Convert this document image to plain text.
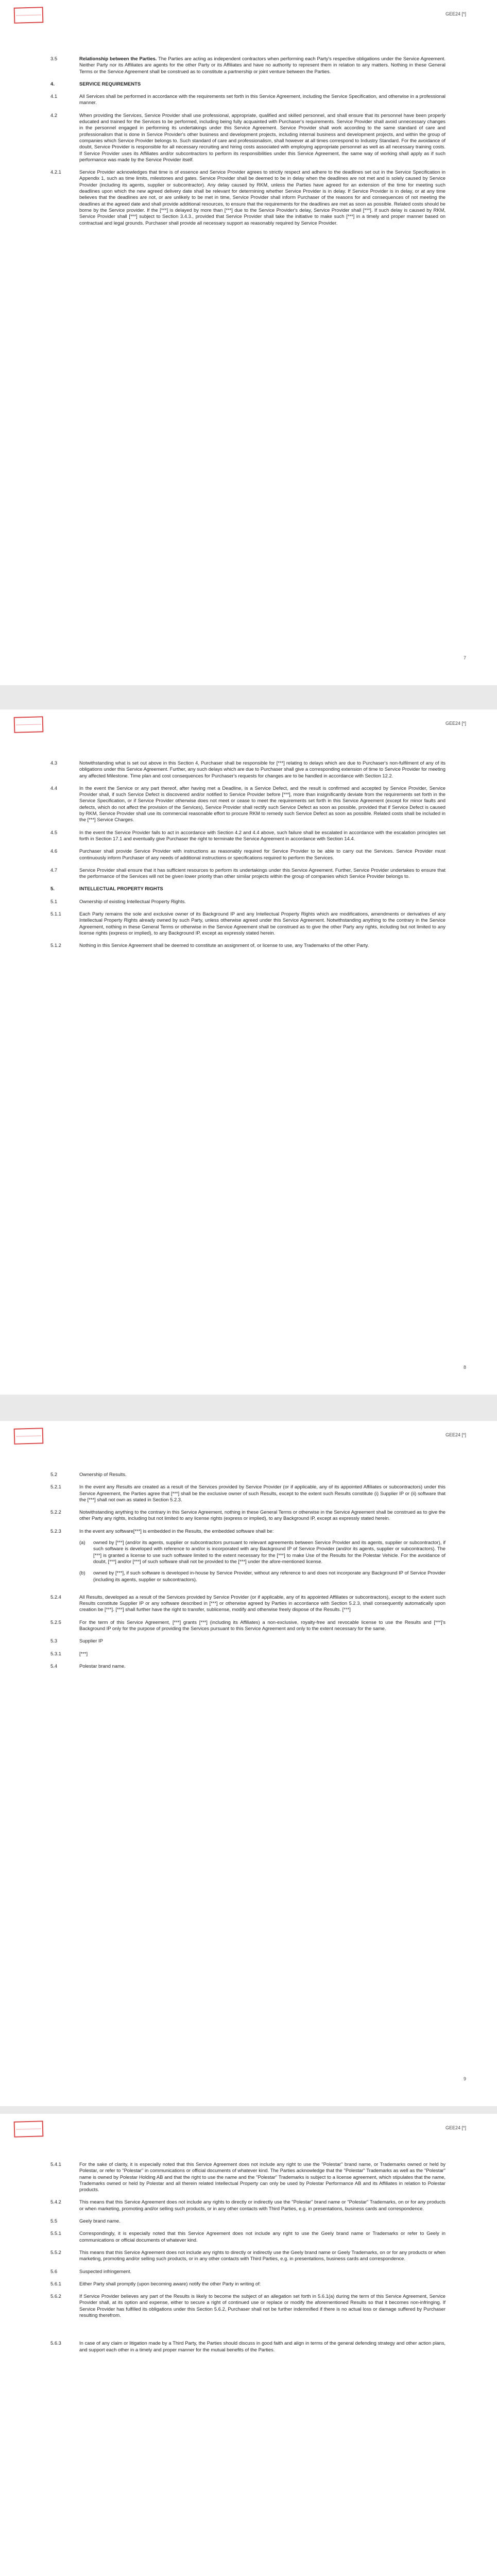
GEE24 [*]
3.5	Relationship between the Parties. The Parties are acting as independent contractors when performing each Party's respective obligations under the Service Agreement. Neither Party nor its Affiliates are agents for the other Party or its Affiliates and have no authority to represent them in relation to any matters. Nothing in these General Terms or the Service Agreement shall be construed as to constitute a partnership or joint venture between the Parties.
4.	SERVICE REQUIREMENTS
4.1	All Services shall be performed in accordance with the requirements set forth in this Service Agreement, including the Service Specification, and otherwise in a professional manner.
4.2	When providing the Services, Service Provider shall use professional, appropriate, qualified and skilled personnel, and shall ensure that its personnel have been properly educated and trained for the Services to be performed, including being fully acquainted with Purchaser's requirements. Service Provider shall avoid unnecessary changes in the personnel engaged in performing its undertakings under this Service Agreement. Service Provider shall work according to the same standard of care and professionalism that is done in Service Provider's other business and development projects, including internal business and development projects, and within the group of companies which Service Provider belongs to. Such standard of care and professionalism, shall however at all times correspond to Industry Standard. For the avoidance of doubt, Service Provider is responsible for all necessary recruiting and hiring costs associated with employing appropriate personnel as well as all necessary training costs. If Service Provider uses its Affiliates and/or subcontractors to perform its responsibilities under this Service Agreement, the same way of working shall apply as if such performance was made by the Service Provider itself.
4.2.1	Service Provider acknowledges that time is of essence and Service Provider agrees to strictly respect and adhere to the deadlines set out in the Service Specification in Appendix 1, such as time limits, milestones and gates. Service Provider shall be deemed to be in delay when the deadlines are not met and is solely caused by Service Provider (including its agents, supplier or subcontractor). Any delay caused by RKM, unless the Parties have agreed for an extension of the time for meeting such deadlines upon which the new agreed delivery date shall be relevant for determining whether Service Provider is in delay. If Service Provider is in delay, or at any time believes that the deadlines are not, or are unlikely to be met in time, Service Provider shall inform Purchaser of the reasons for and consequences of not meeting the deadlines at the agreed date and shall provide additional resources, to ensure that the requirements for the deadlines are met as soon as possible. Related costs should be borne by the Service provider. If the [***] is delayed by more than [***] due to the Service Provider's delay, Service Provider shall [***]. If such delay is caused by RKM, Service Provider shall [***] subject to Section 3.4.3., provided that Service Provider shall take the initiative to make such [***] in a timely and proper manner based on contractual and legal grounds. Purchaser shall provide all necessary support as reasonably required by Service Provider.
7
GEE24 [*]
4.3	Notwithstanding what is set out above in this Section 4, Purchaser shall be responsible for [***] relating to delays which are due to Purchaser's non-fulfilment of any of its obligations under this Service Agreement. Further, any such delays which are due to Purchaser shall give a corresponding extension of time to Service Provider for meeting any affected Milestone. Time plan and cost consequences for Purchaser's requests for changes are to be handled in accordance with Section 12.2.
4.4	In the event the Service or any part thereof, after having met a Deadline, is a Service Defect, and the result is confirmed and accepted by Service Provider, Service Provider shall, if such Service Defect is discovered and/or notified to Service Provider before [***], more than insignificantly deviate from the requirements set forth in the Service Specification, or if Service Provider otherwise does not meet or cease to meet the requirements set forth in this Service Agreement (except for minor faults and defects, which do not affect the provision of the Services), Service Provider shall rectify such Service Defect as soon as possible, provided that if Service Defect is caused by RKM, Service Provider shall use its commercial reasonable effort to procure RKM to remedy such Service Defect as soon as possible. Related costs shall be included in the [***] Service Charges.
4.5	In the event the Service Provider fails to act in accordance with Section 4.2 and 4.4 above, such failure shall be escalated in accordance with the escalation principles set forth in Section 17.1 and eventually give Purchaser the right to terminate the Service Agreement in accordance with Section 14.4.
4.6	Purchaser shall provide Service Provider with instructions as reasonably required for Service Provider to be able to carry out the Services. Service Provider must continuously inform Purchaser of any needs of additional instructions or specifications required to perform the Services.
4.7	Service Provider shall ensure that it has sufficient resources to perform its undertakings under this Service Agreement. Further, Service Provider undertakes to ensure that the performance of the Services will not be given lower priority than other similar projects within the group of companies which Service Provider belongs to.
5.	INTELLECTUAL PROPERTY RIGHTS
5.1	Ownership of existing Intellectual Property Rights.
5.1.1	Each Party remains the sole and exclusive owner of its Background IP and any Intellectual Property Rights which are modifications, amendments or derivatives of any Intellectual Property Rights already owned by such Party, unless otherwise agreed under this Service Agreement. Notwithstanding anything to the contrary in the Service Agreement, nothing in these General Terms or otherwise in the Service Agreement shall be construed as to give the other Party any rights, including but not limited to any license rights (express or implied), to any Background IP, except as expressly stated herein.
5.1.2	Nothing in this Service Agreement shall be deemed to constitute an assignment of, or license to use, any Trademarks of the other Party.
8
GEE24 [*]
5.2	Ownership of Results.
5.2.1	In the event any Results are created as a result of the Services provided by Service Provider (or if applicable, any of its appointed Affiliates or subcontractors) under this Service Agreement, the Parties agree that [***] shall be the exclusive owner of such Results, except to the extent such Results constitute (i) Supplier IP or (ii) software that the [***] shall not own as stated in Section 5.2.3.
5.2.2	Notwithstanding anything to the contrary in this Service Agreement, nothing in these General Terms or otherwise in the Service Agreement shall be construed as to give the other Party any rights, including but not limited to any license rights (express or implied), to any Background IP, except as expressly stated herein.
5.2.3	In the event any software[***] is embedded in the Results, the embedded software shall be:
(a)	owned by [***] (and/or its agents, supplier or subcontractors pursuant to relevant agreements between Service Provider and its agents, supplier or subcontractor), if such software is developed with reference to and/or is incorporated with any Background IP of Service Provider (and/or its agents, supplier or subcontractors). The [***] is granted a license to use such software limited to the extent necessary for the [***] to make Use of the Results for the Polestar Vehicle. For the avoidance of doubt, [***] and/or [***] of such software shall not be provided to the [***] under the afore-mentioned license.
(b)	owned by [***], if such software is developed in-house by Service Provider, without any reference to and does not incorporate any Background IP of Service Provider (including its agents, supplier or subcontractors).
5.2.4	All Results, developed as a result of the Services provided by Service Provider (or if applicable, any of its appointed Affiliates or subcontractors), except to the extent such Results constitute Supplier IP or any software described in [***] or otherwise agreed by Parties in accordance with Section 5.2.3, shall consequently automatically upon creation be [***]. [***] shall further have the right to transfer, sublicense, modify and otherwise freely dispose of the Results. [***]
5.2.5	For the term of this Service Agreement, [***] grants [***] (including its Affiliates) a non-exclusive, royalty-free and revocable license to use the Results and [***]'s Background IP only for the purpose of providing the Services pursuant to this Service Agreement and only to the extent necessary for the same.
5.3	Supplier IP
5.3.1	[***]
5.4	Polestar brand name.
9
GEE24 [*]
5.4.1	For the sake of clarity, it is especially noted that this Service Agreement does not include any right to use the "Polestar" brand name, or Trademarks owned or held by Polestar, or refer to "Polestar" in communications or official documents of whatever kind. The Parties acknowledge that the "Polestar" Trademarks as well as the "Polestar" name is owned by Polestar Holding AB and that the right to use the name and the "Polestar" Trademarks is subject to a license agreement, which stipulates that the name, Trademarks owned or held by Polestar and all therein related Intellectual Property can only be used by Polestar Performance AB and its Affiliates in relation to Polestar products.
5.4.2	This means that this Service Agreement does not include any rights to directly or indirectly use the "Polestar" brand name or "Polestar" Trademarks, on or for any products or when marketing, promoting and/or selling such products, or in any other contacts with Third Parties, e.g. in presentations, business cards and correspondence.
5.5	Geely brand name.
5.5.1	Correspondingly, it is especially noted that this Service Agreement does not include any right to use the Geely brand name or Trademarks or refer to Geely in communications or official documents of whatever kind.
5.5.2	This means that this Service Agreement does not include any rights to directly or indirectly use the Geely brand name or Geely Trademarks, on or for any products or when marketing, promoting and/or selling such products, or in any other contacts with Third Parties, e.g. in presentations, business cards and correspondence.
5.6	Suspected infringement.
5.6.1	Either Party shall promptly (upon becoming aware) notify the other Party in writing of:
5.6.2	If Service Provider believes any part of the Results is likely to become the subject of an allegation set forth in 5.6.1(a) during the term of this Service Agreement, Service Provider shall, at its option and expense, either to secure a right of continued use or replace or modify the aforementioned Results so that it becomes non-infringing. If Service Provider has fulfilled its obligations under this Section 5.6.2, Purchaser shall not be further indemnified if there is no actual loss or damage suffered by Purchaser resulting therefrom.
5.6.3	In case of any claim or litigation made by a Third Party, the Parties should discuss in good faith and align in terms of the general defending strategy and other action plans, and support each other in a timely and proper manner for the mutual benefits of the Parties.
